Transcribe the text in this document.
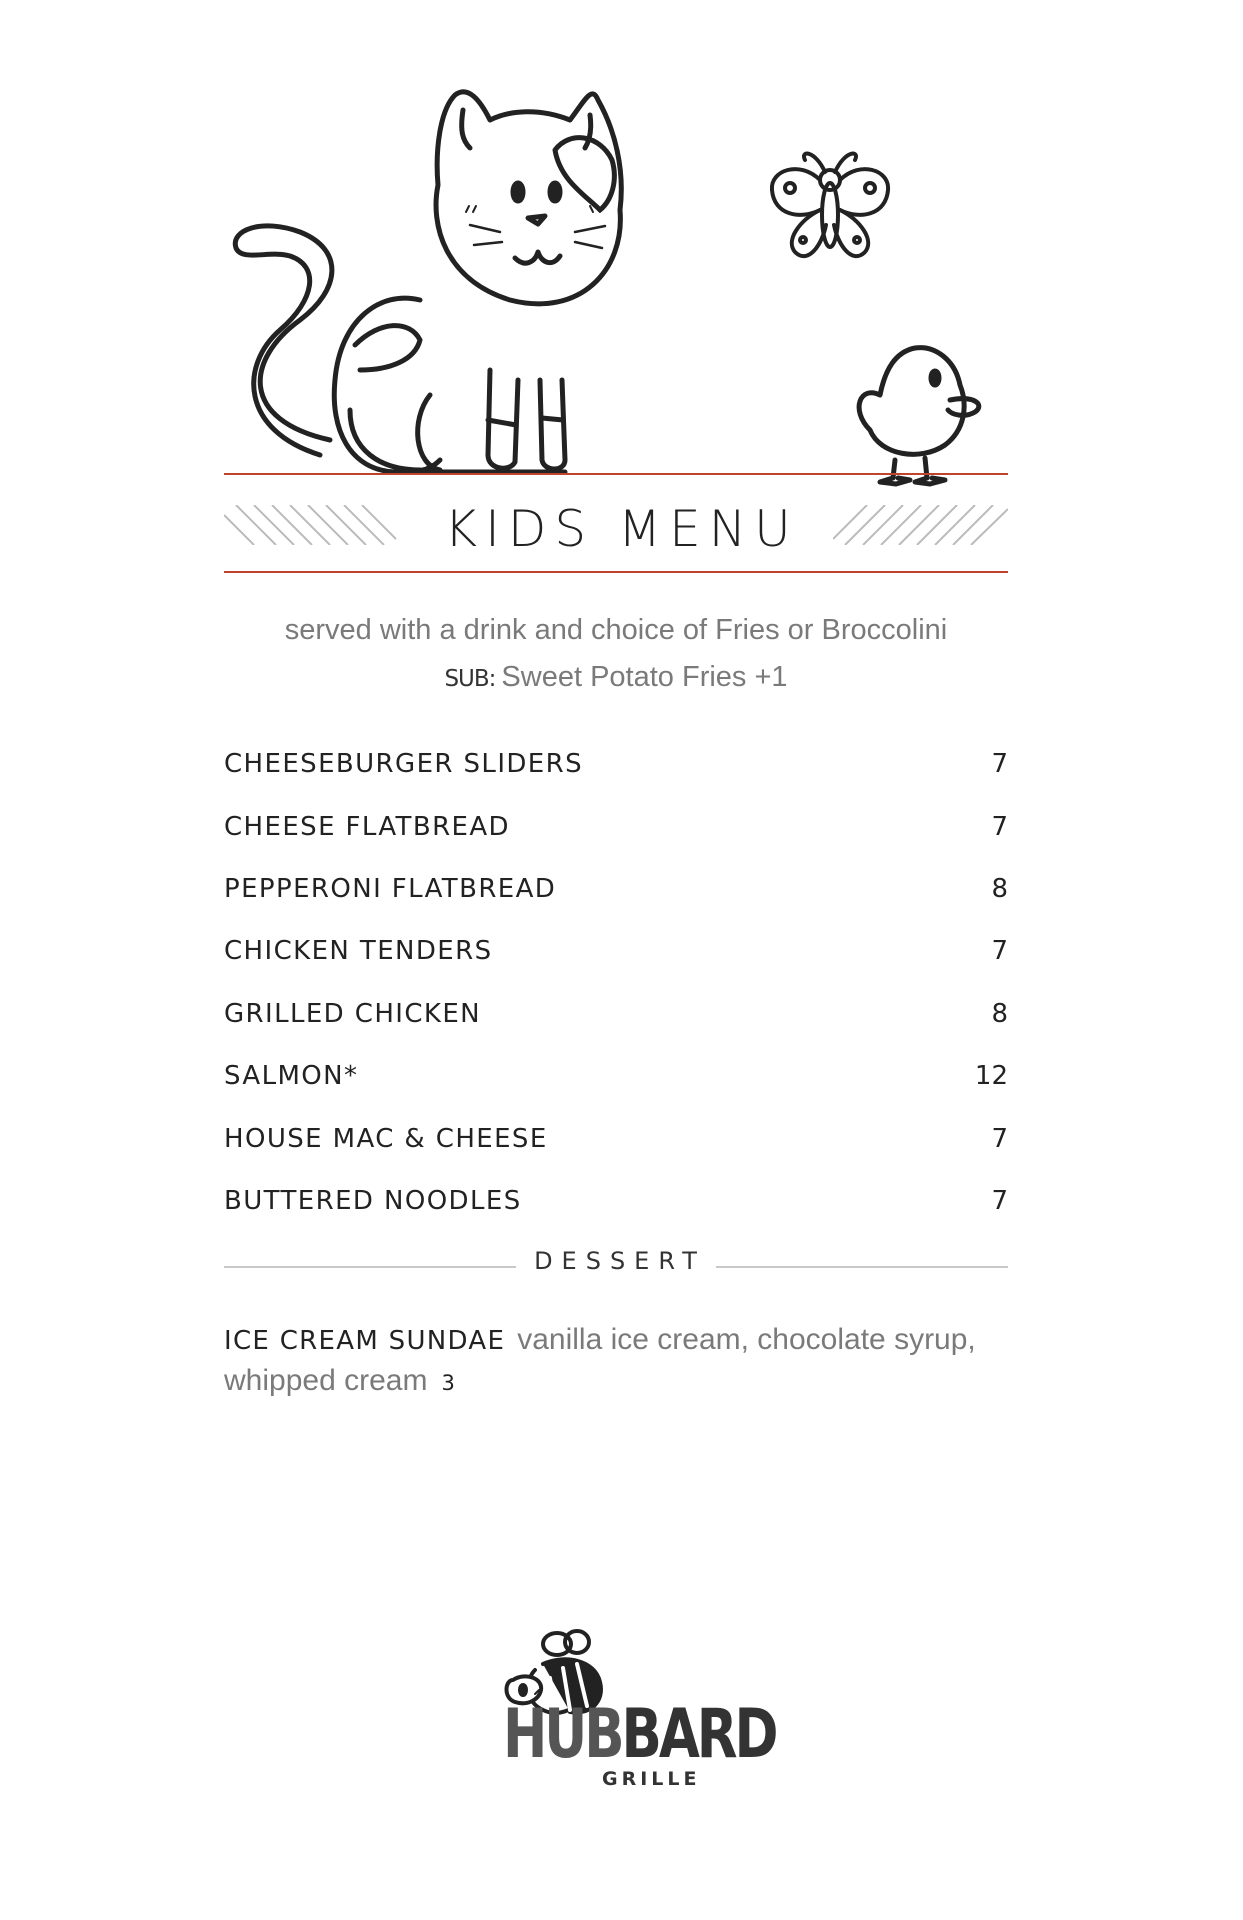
KIDS MENU
served with a drink and choice of Fries or Broccolini
SUB: Sweet Potato Fries +1
CHEESEBURGER SLIDERS	7
CHEESE FLATBREAD	7
PEPPERONI FLATBREAD	8
CHICKEN TENDERS	7
GRILLED CHICKEN	8
SALMON*	12
HOUSE MAC & CHEESE	7
BUTTERED NOODLES	7
DESSERT
ICE CREAM SUNDAE vanilla ice cream, chocolate syrup, whipped cream 3
HUBBARD
GRILLE
